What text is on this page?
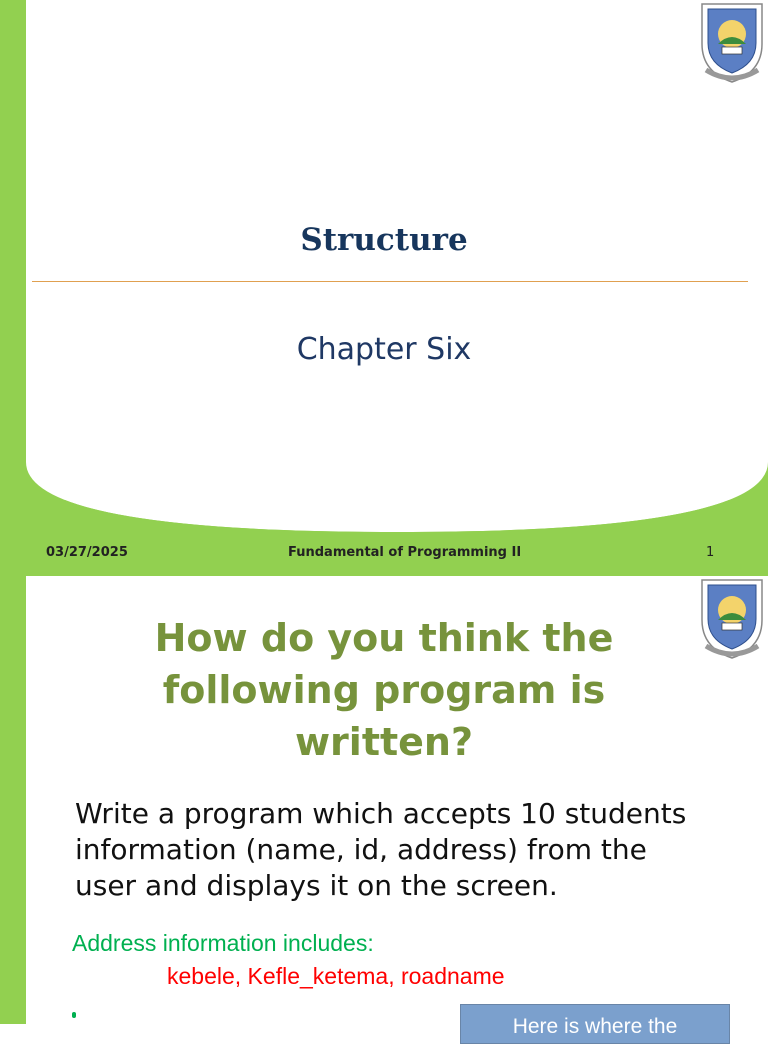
Structure
Chapter Six
03/27/2025	Fundamental of Programming II	1
How do you think the following program is written?
Write a program which accepts 10 students information (name, id, address) from the user and displays it on the screen.
Address information includes:
kebele, Kefle_ketema, roadname
Here is where the
